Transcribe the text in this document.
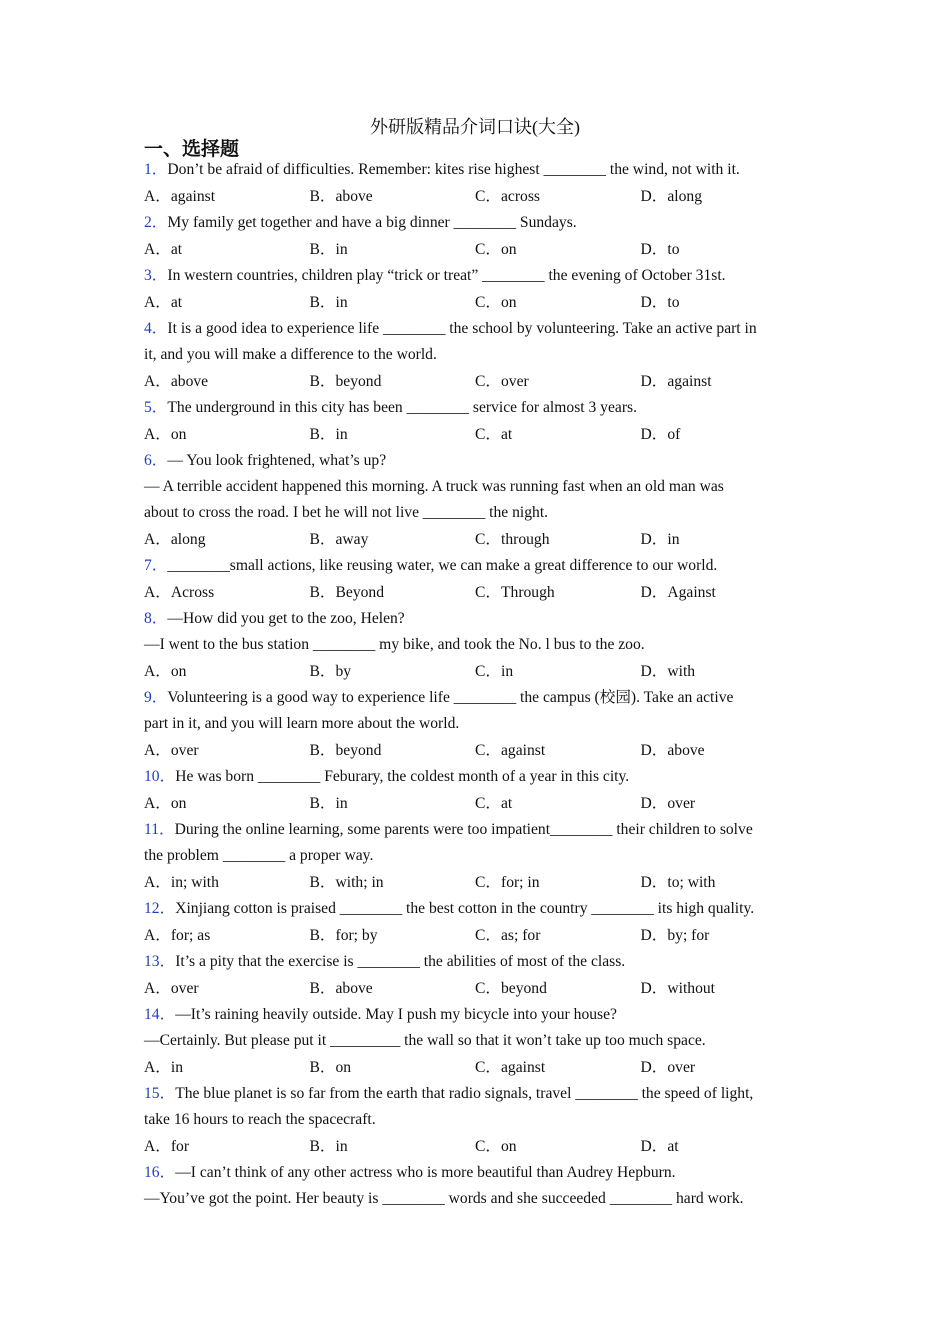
外研版精品介词口诀(大全)
一、选择题
1．Don’t be afraid of difficulties. Remember: kites rise highest ________ the wind, not with it.
A．against	B．above	C．across	D．along
2．My family get together and have a big dinner ________ Sundays.
A．at	B．in	C．on	D．to
3．In western countries, children play “trick or treat” ________ the evening of October 31st.
A．at	B．in	C．on	D．to
4．It is a good idea to experience life ________ the school by volunteering. Take an active part in
it, and you will make a difference to the world.
A．above	B．beyond	C．over	D．against
5．The underground in this city has been ________ service for almost 3 years.
A．on	B．in	C．at	D．of
6．— You look frightened, what’s up?
— A terrible accident happened this morning. A truck was running fast when an old man was
about to cross the road. I bet he will not live ________ the night.
A．along	B．away	C．through	D．in
7．________small actions, like reusing water, we can make a great difference to our world.
A．Across	B．Beyond	C．Through	D．Against
8．—How did you get to the zoo, Helen?
—I went to the bus station ________ my bike, and took the No. l bus to the zoo.
A．on	B．by	C．in	D．with
9．Volunteering is a good way to experience life ________ the campus (校园). Take an active
part in it, and you will learn more about the world.
A．over	B．beyond	C．against	D．above
10．He was born ________ Feburary, the coldest month of a year in this city.
A．on	B．in	C．at	D．over
11．During the online learning, some parents were too impatient________ their children to solve
the problem ________ a proper way.
A．in; with	B．with; in	C．for; in	D．to; with
12．Xinjiang cotton is praised ________ the best cotton in the country ________ its high quality.
A．for; as	B．for; by	C．as; for	D．by; for
13．It’s a pity that the exercise is ________ the abilities of most of the class.
A．over	B．above	C．beyond	D．without
14．—It’s raining heavily outside. May I push my bicycle into your house?
—Certainly. But please put it _________ the wall so that it won’t take up too much space.
A．in	B．on	C．against	D．over
15．The blue planet is so far from the earth that radio signals, travel ________ the speed of light,
take 16 hours to reach the spacecraft.
A．for	B．in	C．on	D．at
16．—I can’t think of any other actress who is more beautiful than Audrey Hepburn.
—You’ve got the point. Her beauty is ________ words and she succeeded ________ hard work.
